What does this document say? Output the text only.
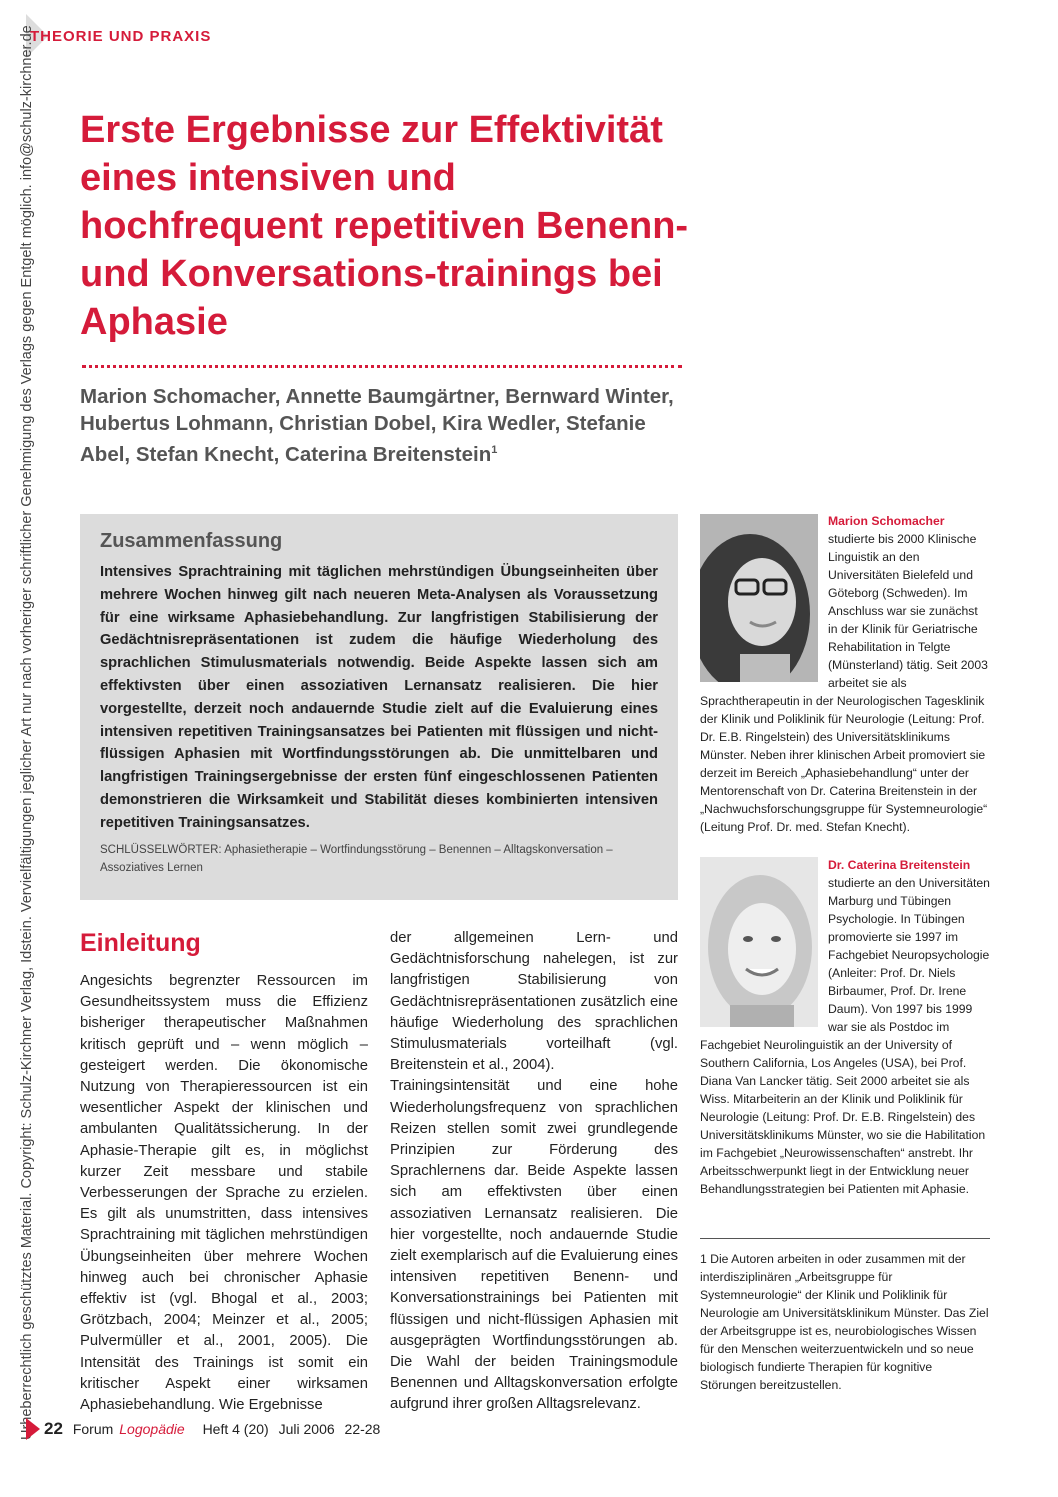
THEORIE UND PRAXIS
Urheberrechtlich geschütztes Material. Copyright: Schulz-Kirchner Verlag, Idstein. Vervielfältigungen jeglicher Art nur nach vorheriger schriftlicher Genehmigung des Verlags gegen Entgelt möglich. info@schulz-kirchner.de Erste Ergebnisse zur Effektivität eines intensiven und hochfrequent repetitiven Benenn- und Konversations-trainings bei Aphasie

Marion Schomacher, Annette Baumgärtner, Bernward Winter, Hubertus Lohmann, Christian Dobel, Kira Wedler, Stefanie Abel, Stefan Knecht, Caterina Breitenstein$^1$

Zusammenfassung

Intensives Sprachtraining mit täglichen mehrstündigen Übungseinheiten über mehrere Wochen hinweg gilt nach neueren Meta-Analysen als Voraussetzung für eine wirksame Aphasiebehandlung. Zur langfristigen Stabilisierung der Gedächtnisrepräsentationen ist zudem die häufige Wiederholung des sprachlichen Stimulusmaterials notwendig. Beide Aspekte lassen sich am effektivsten über einen assoziativen Lernansatz realisieren. Die hier vorgestellte, derzeit noch andauernde Studie zielt auf die Evaluierung eines intensiven repetitiven Trainingsansatzes bei Patienten mit flüssigen und nicht-flüssigen Aphasien mit Wortfindungsstörungen ab. Die unmittelbaren und langfristigen Trainingsergebnisse der ersten fünf eingeschlossenen Patienten demonstrieren die Wirksamkeit und Stabilität dieses kombinierten intensiven repetitiven Trainingsansatzes.

SCHLÜSSELWÖRTER: Aphasietherapie – Wortfindungsstörung – Benennen – Alltagskonversation – Assoziatives Lernen

Einleitung

Angesichts begrenzter Ressourcen im Gesundheitssystem muss die Effizienz bisheriger therapeutischer Maßnahmen kritisch geprüft und – wenn möglich – gesteigert werden. Die ökonomische Nutzung von Therapieressourcen ist ein wesentlicher Aspekt der klinischen und ambulanten Qualitätssicherung. In der Aphasie-Therapie gilt es, in möglichst kurzer Zeit messbare und stabile Verbesserungen der Sprache zu erzielen. Es gilt als unumstritten, dass intensives Sprachtraining mit täglichen mehrstündigen Übungseinheiten über mehrere Wochen hinweg auch bei chronischer Aphasie effektiv ist (vgl. Bhogal et al., 2003; Grötzbach, 2004; Meinzer et al., 2005; Pulvermüller et al., 2001, 2005). Die Intensität des Trainings ist somit ein kritischer Aspekt einer wirksamen Aphasiebehandlung. Wie Ergebnisse

der allgemeinen Lern- und Gedächtnisforschung nahelegen, ist zur langfristigen Stabilisierung von Gedächtnisrepräsentationen zusätzlich eine häufige Wiederholung des sprachlichen Stimulusmaterials vorteilhaft (vgl. Breitenstein et al., 2004).

Trainingsintensität und eine hohe Wiederholungsfrequenz von sprachlichen Reizen stellen somit zwei grundlegende Prinzipien zur Förderung des Sprachlernens dar. Beide Aspekte lassen sich am effektivsten über einen assoziativen Lernansatz realisieren. Die hier vorgestellte, noch andauernde Studie zielt exemplarisch auf die Evaluierung eines intensiven repetitiven Benenn- und Konversationstrainings bei Patienten mit flüssigen und nicht-flüssigen Aphasien mit ausgeprägten Wortfindungsstörungen ab. Die Wahl der beiden Trainingsmodule Benennen und Alltagskonversation erfolgte aufgrund ihrer großen Alltagsrelevanz.

Marion Schomacher
studierte bis 2000 Klinische Linguistik an den Universitäten Bielefeld und Göteborg (Schweden). Im Anschluss war sie zunächst in der Klinik für Geriatrische Rehabilitation in Telgte (Münsterland) tätig. Seit 2003 arbeitet sie als Sprachtherapeutin in der Neurologischen Tagesklinik der Klinik und Poliklinik für Neurologie (Leitung: Prof. Dr. E.B. Ringelstein) des Universitätsklinikums Münster. Neben ihrer klinischen Arbeit promoviert sie derzeit im Bereich „Aphasiebehandlung“ unter der Mentorenschaft von Dr. Caterina Breitenstein in der „Nachwuchsforschungsgruppe für Systemneurologie“ (Leitung Prof. Dr. med. Stefan Knecht).
Dr. Caterina Breitenstein
studierte an den Universitäten Marburg und Tübingen Psychologie. In Tübingen promovierte sie 1997 im Fachgebiet Neuropsychologie (Anleiter: Prof. Dr. Niels Birbaumer, Prof. Dr. Irene Daum). Von 1997 bis 1999 war sie als Postdoc im Fachgebiet Neurolinguistik an der University of Southern California, Los Angeles (USA), bei Prof. Diana Van Lancker tätig. Seit 2000 arbeitet sie als Wiss. Mitarbeiterin an der Klinik und Poliklinik für Neurologie (Leitung: Prof. Dr. E.B. Ringelstein) des Universitätsklinikums Münster, wo sie die Habilitation im Fachgebiet „Neurowissenschaften“ anstrebt. Ihr Arbeitsschwerpunkt liegt in der Entwicklung neuer Behandlungsstrategien bei Patienten mit Aphasie.

1 Die Autoren arbeiten in oder zusammen mit der interdisziplinären „Arbeitsgruppe für Systemneurologie“ der Klinik und Poliklinik für Neurologie am Universitätsklinikum Münster. Das Ziel der Arbeitsgruppe ist es, neurobiologisches Wissen für den Menschen weiterzuentwickeln und so neue biologisch fundierte Therapien für kognitive Störungen bereitzustellen.

22 Forum Logopädie Heft 4 (20) Juli 2006 22-28
